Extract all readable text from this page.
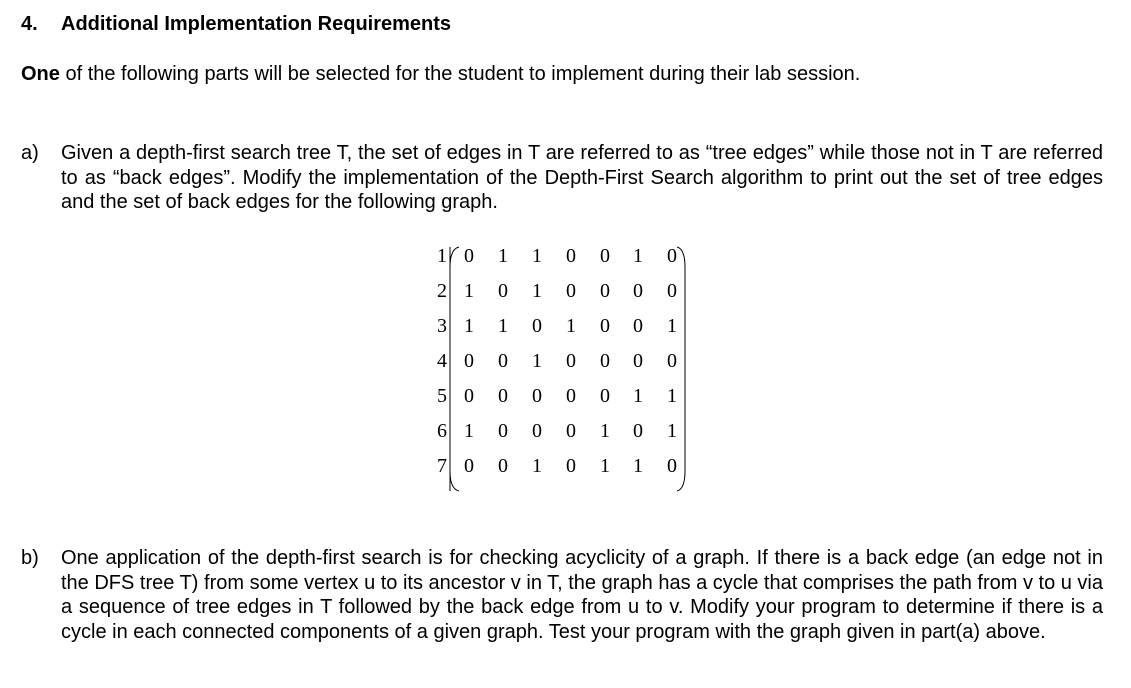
4. Additional Implementation Requirements
One of the following parts will be selected for the student to implement during their lab session.
a) Given a depth-first search tree T, the set of edges in T are referred to as “tree edges” while those not in T are referred to as “back edges”. Modify the implementation of the Depth-First Search algorithm to print out the set of tree edges and the set of back edges for the following graph.
1 0 1 1 0 0 1 0
2 1 0 1 0 0 0 0
3 1 1 0 1 0 0 1
4 0 0 1 0 0 0 0
5 0 0 0 0 0 1 1
6 1 0 0 0 1 0 1
7 0 0 1 0 1 1 0
b) One application of the depth-first search is for checking acyclicity of a graph. If there is a back edge (an edge not in the DFS tree T) from some vertex u to its ancestor v in T, the graph has a cycle that comprises the path from v to u via a sequence of tree edges in T followed by the back edge from u to v. Modify your program to determine if there is a cycle in each connected components of a given graph. Test your program with the graph given in part(a) above.
